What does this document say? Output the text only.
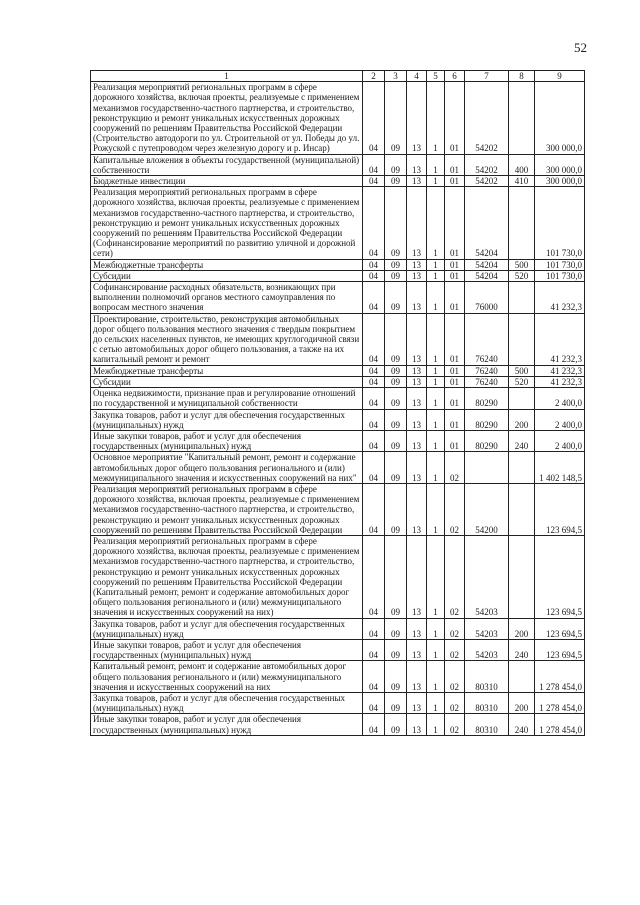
52
1	2	3	4	5	6	7	8	9
Реализация мероприятий региональных программ в сфере дорожного хозяйства, включая проекты, реализуемые с применением механизмов государственно-частного партнерства, и строительство, реконструкцию и ремонт уникальных искусственных дорожных сооружений по решениям Правительства Российской Федерации (Строительство автодороги по ул. Строительной от ул. Победы до ул. Рожуской с путепроводом через железную дорогу и р. Инсар)	04	09	13	1	01	54202		300 000,0
Капитальные вложения в объекты государственной (муниципальной) собственности	04	09	13	1	01	54202	400	300 000,0
Бюджетные инвестиции	04	09	13	1	01	54202	410	300 000,0
Реализация мероприятий региональных программ в сфере дорожного хозяйства, включая проекты, реализуемые с применением механизмов государственно-частного партнерства, и строительство, реконструкцию и ремонт уникальных искусственных дорожных сооружений по решениям Правительства Российской Федерации (Софинансирование мероприятий по развитию уличной и дорожной сети)	04	09	13	1	01	54204		101 730,0
Межбюджетные трансферты	04	09	13	1	01	54204	500	101 730,0
Субсидии	04	09	13	1	01	54204	520	101 730,0
Софинансирование расходных обязательств, возникающих при выполнении полномочий органов местного самоуправления по вопросам местного значения	04	09	13	1	01	76000		41 232,3
Проектирование, строительство, реконструкция автомобильных дорог общего пользования местного значения с твердым покрытием до сельских населенных пунктов, не имеющих круглогодичной связи с сетью автомобильных дорог общего пользования, а также на их капитальный ремонт и ремонт	04	09	13	1	01	76240		41 232,3
Межбюджетные трансферты	04	09	13	1	01	76240	500	41 232,3
Субсидии	04	09	13	1	01	76240	520	41 232,3
Оценка недвижимости, признание прав и регулирование отношений по государственной и муниципальной собственности	04	09	13	1	01	80290		2 400,0
Закупка товаров, работ и услуг для обеспечения государственных (муниципальных) нужд	04	09	13	1	01	80290	200	2 400,0
Иные закупки товаров, работ и услуг для обеспечения государственных (муниципальных) нужд	04	09	13	1	01	80290	240	2 400,0
Основное мероприятие "Капитальный ремонт, ремонт и содержание автомобильных дорог общего пользования регионального и (или) межмуниципального значения и искусственных сооружений на них"	04	09	13	1	02			1 402 148,5
Реализация мероприятий региональных программ в сфере дорожного хозяйства, включая проекты, реализуемые с применением механизмов государственно-частного партнерства, и строительство, реконструкцию и ремонт уникальных искусственных дорожных сооружений по решениям Правительства Российской Федерации	04	09	13	1	02	54200		123 694,5
Реализация мероприятий региональных программ в сфере дорожного хозяйства, включая проекты, реализуемые с применением механизмов государственно-частного партнерства, и строительство, реконструкцию и ремонт уникальных искусственных дорожных сооружений по решениям Правительства Российской Федерации (Капитальный ремонт, ремонт и содержание автомобильных дорог общего пользования регионального и (или) межмуниципального значения и искусственных сооружений на них)	04	09	13	1	02	54203		123 694,5
Закупка товаров, работ и услуг для обеспечения государственных (муниципальных) нужд	04	09	13	1	02	54203	200	123 694,5
Иные закупки товаров, работ и услуг для обеспечения государственных (муниципальных) нужд	04	09	13	1	02	54203	240	123 694,5
Капитальный ремонт, ремонт и содержание автомобильных дорог общего пользования регионального и (или) межмуниципального значения и искусственных сооружений на них	04	09	13	1	02	80310		1 278 454,0
Закупка товаров, работ и услуг для обеспечения государственных (муниципальных) нужд	04	09	13	1	02	80310	200	1 278 454,0
Иные закупки товаров, работ и услуг для обеспечения государственных (муниципальных) нужд	04	09	13	1	02	80310	240	1 278 454,0
